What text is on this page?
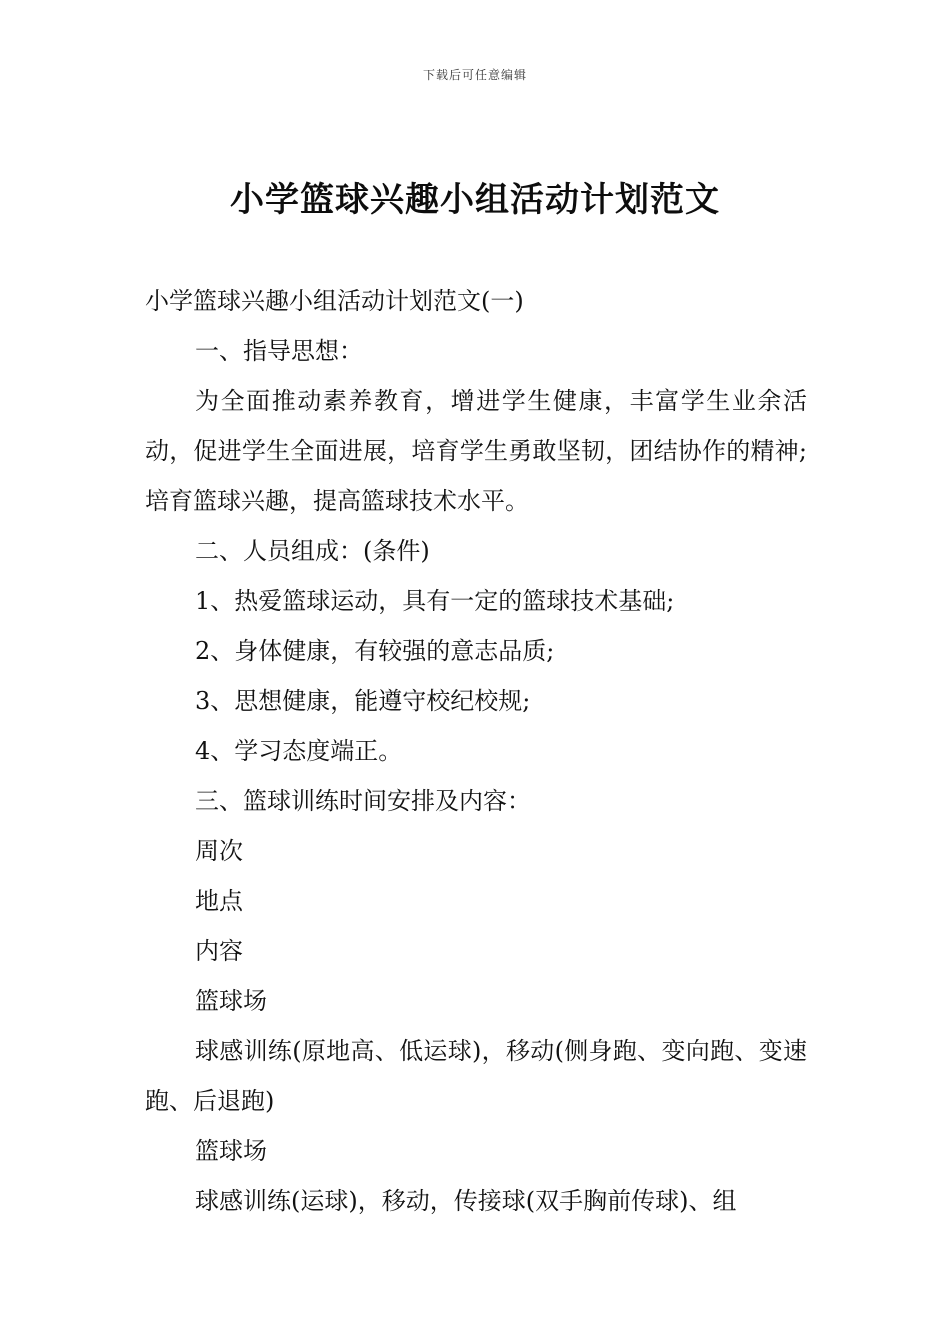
下载后可任意编辑
小学篮球兴趣小组活动计划范文

小学篮球兴趣小组活动计划范文(一)

一、指导思想：

为全面推动素养教育，增进学生健康，丰富学生业余活动，促进学生全面进展，培育学生勇敢坚韧，团结协作的精神;培育篮球兴趣，提高篮球技术水平。

二、人员组成：(条件)

1、热爱篮球运动，具有一定的篮球技术基础;

2、身体健康，有较强的意志品质;

3、思想健康，能遵守校纪校规;

4、学习态度端正。

三、篮球训练时间安排及内容：

周次

地点

内容

篮球场

球感训练(原地高、低运球)，移动(侧身跑、变向跑、变速跑、后退跑)

篮球场

球感训练(运球)，移动，传接球(双手胸前传球)、组
